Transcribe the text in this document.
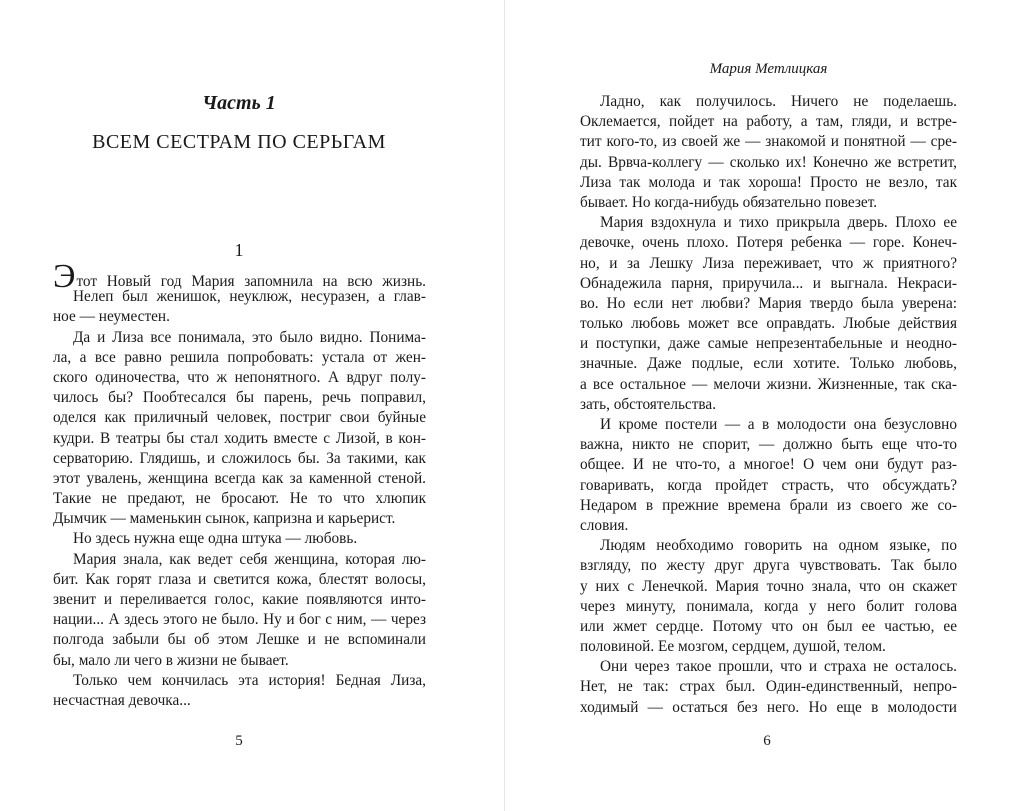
Часть 1
ВСЕМ СЕСТРАМ ПО СЕРЬГАМ
1
Этот Новый год Мария запомнила на всю жизнь.
Нелеп был женишок, неуклюж, несуразен, а глав-
ное — неуместен.
Да и Лиза все понимала, это было видно. Понима-
ла, а все равно решила попробовать: устала от жен-
ского одиночества, что ж непонятного. А вдруг полу-
чилось бы? Пообтесался бы парень, речь поправил,
оделся как приличный человек, постриг свои буйные
кудри. В театры бы стал ходить вместе с Лизой, в кон-
серваторию. Глядишь, и сложилось бы. За такими, как
этот увалень, женщина всегда как за каменной стеной.
Такие не предают, не бросают. Не то что хлюпик
Дымчик — маменькин сынок, капризна и карьерист.
Но здесь нужна еще одна штука — любовь.
Мария знала, как ведет себя женщина, которая лю-
бит. Как горят глаза и светится кожа, блестят волосы,
звенит и переливается голос, какие появляются инто-
нации... А здесь этого не было. Ну и бог с ним, — через
полгода забыли бы об этом Лешке и не вспоминали
бы, мало ли чего в жизни не бывает.
Только чем кончилась эта история! Бедная Лиза,
несчастная девочка...
5
Мария Метлицкая
Ладно, как получилось. Ничего не поделаешь.
Оклемается, пойдет на работу, а там, гляди, и встре-
тит кого-то, из своей же — знакомой и понятной — сре-
ды. Врвча-коллегу — сколько их! Конечно же встретит,
Лиза так молода и так хороша! Просто не везло, так
бывает. Но когда-нибудь обязательно повезет.
Мария вздохнула и тихо прикрыла дверь. Плохо ее
девочке, очень плохо. Потеря ребенка — горе. Конеч-
но, и за Лешку Лиза переживает, что ж приятного?
Обнадежила парня, приручила... и выгнала. Некраси-
во. Но если нет любви? Мария твердо была уверена:
только любовь может все оправдать. Любые действия
и поступки, даже самые непрезентабельные и неодно-
значные. Даже подлые, если хотите. Только любовь,
а все остальное — мелочи жизни. Жизненные, так ска-
зать, обстоятельства.
И кроме постели — а в молодости она безусловно
важна, никто не спорит, — должно быть еще что-то
общее. И не что-то, а многое! О чем они будут раз-
говаривать, когда пройдет страсть, что обсуждать?
Недаром в прежние времена брали из своего же со-
словия.
Людям необходимо говорить на одном языке, по
взгляду, по жесту друг друга чувствовать. Так было
у них с Ленечкой. Мария точно знала, что он скажет
через минуту, понимала, когда у него болит голова
или жмет сердце. Потому что он был ее частью, ее
половиной. Ее мозгом, сердцем, душой, телом.
Они через такое прошли, что и страха не осталось.
Нет, не так: страх был. Один-единственный, непро-
ходимый — остаться без него. Но еще в молодости
6
